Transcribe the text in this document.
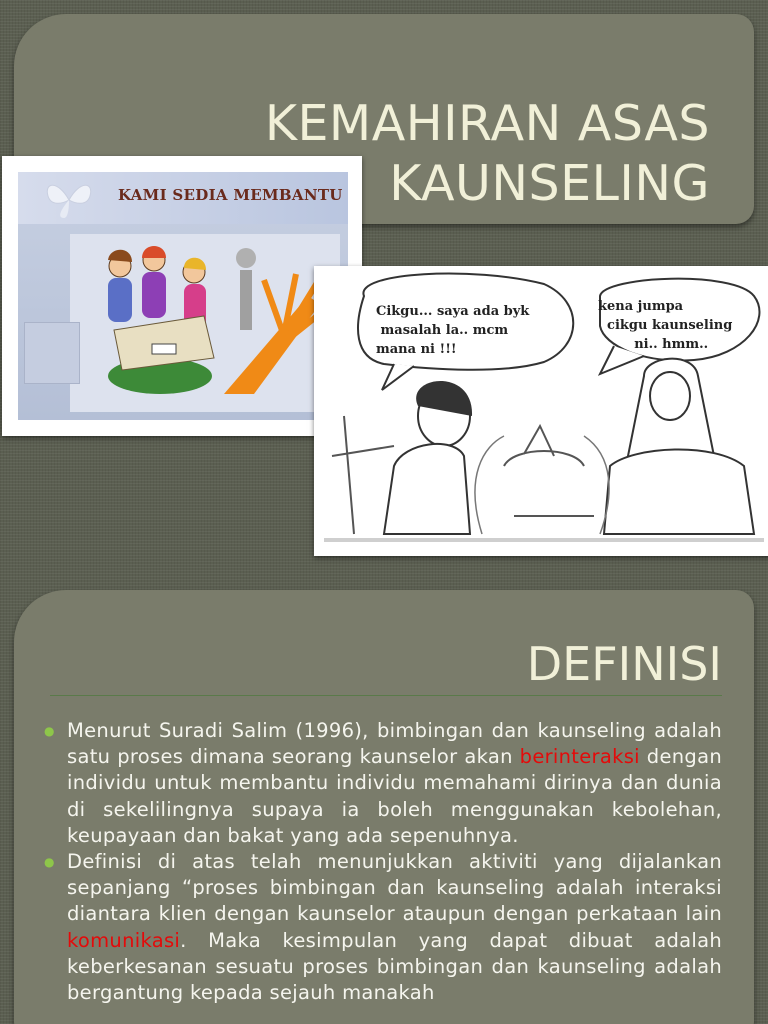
KEMAHIRAN ASAS
KAUNSELING
KAMI SEDIA MEMBANTU
Cikgu... saya ada byk
masalah la.. mcm
mana ni !!!
kena jumpa
cikgu kaunseling
ni.. hmm..
DEFINISI
● Menurut Suradi Salim (1996), bimbingan dan kaunseling adalah satu proses dimana seorang kaunselor akan berinteraksi dengan individu untuk membantu individu memahami dirinya dan dunia di sekelilingnya supaya ia boleh menggunakan kebolehan, keupayaan dan bakat yang ada sepenuhnya.
● Definisi di atas telah menunjukkan aktiviti yang dijalankan sepanjang “proses bimbingan dan kaunseling adalah interaksi diantara klien dengan kaunselor ataupun dengan perkataan lain komunikasi. Maka kesimpulan yang dapat dibuat adalah keberkesanan sesuatu proses bimbingan dan kaunseling adalah bergantung kepada sejauh manakah
